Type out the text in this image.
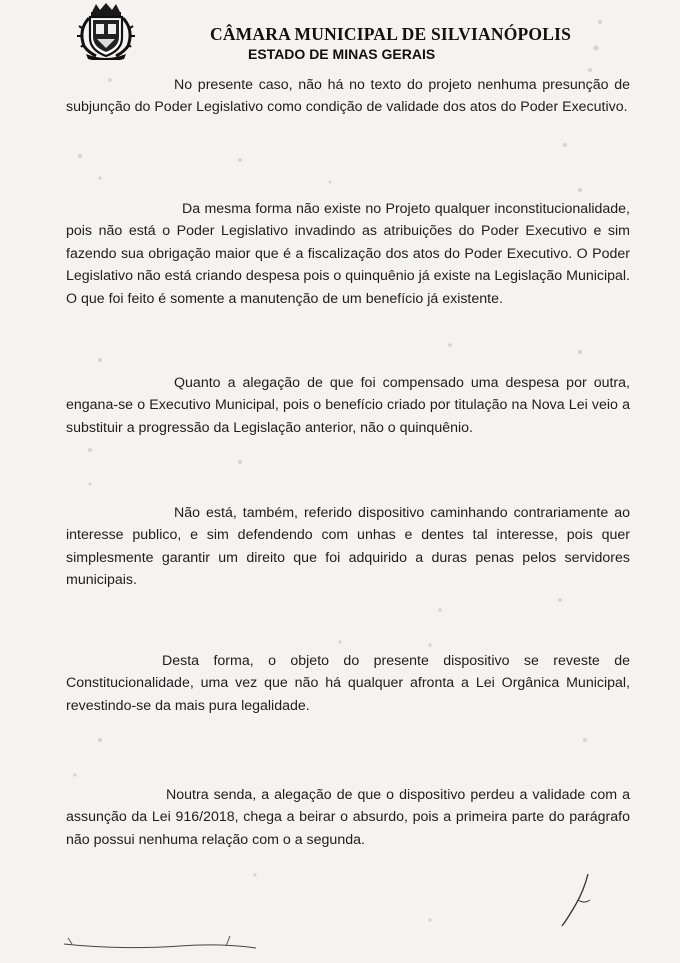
CÂMARA MUNICIPAL DE SILVIANÓPOLIS
ESTADO DE MINAS GERAIS
No presente caso, não há no texto do projeto nenhuma presunção de subjunção do Poder Legislativo como condição de validade dos atos do Poder Executivo.
Da mesma forma não existe no Projeto qualquer inconstitucionalidade, pois não está o Poder Legislativo invadindo as atribuições do Poder Executivo e sim fazendo sua obrigação maior que é a fiscalização dos atos do Poder Executivo. O Poder Legislativo não está criando despesa pois o quinquênio já existe na Legislação Municipal. O que foi feito é somente a manutenção de um benefício já existente.
Quanto a alegação de que foi compensado uma despesa por outra, engana-se o Executivo Municipal, pois o benefício criado por titulação na Nova Lei veio a substituir a progressão da Legislação anterior, não o quinquênio.
Não está, também, referido dispositivo caminhando contrariamente ao interesse publico, e sim defendendo com unhas e dentes tal interesse, pois quer simplesmente garantir um direito que foi adquirido a duras penas pelos servidores municipais.
Desta forma, o objeto do presente dispositivo se reveste de Constitucionalidade, uma vez que não há qualquer afronta a Lei Orgânica Municipal, revestindo-se da mais pura legalidade.
Noutra senda, a alegação de que o dispositivo perdeu a validade com a assunção da Lei 916/2018, chega a beirar o absurdo, pois a primeira parte do parágrafo não possui nenhuma relação com o a segunda.
